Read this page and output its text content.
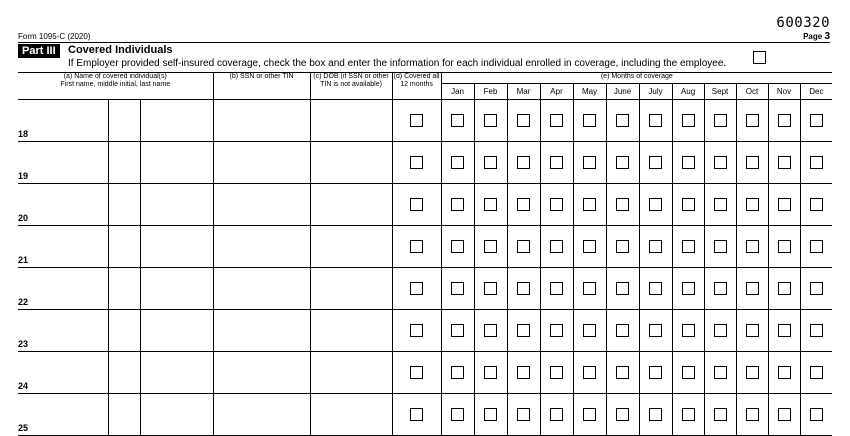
Form 1095-C (2020)
600320
Page 3
Part III	Covered Individuals
If Employer provided self-insured coverage, check the box and enter the information for each individual enrolled in coverage, including the employee.
(a) Name of covered individual(s)
First name, middle initial, last name				(b) SSN or other TIN	(c) DOB (if SSN or other TIN is not available)	(d) Covered all 12 months	(e) Months of coverage											
							Jan	Feb	Mar	Apr	May	June	July	Aug	Sept	Oct	Nov	Dec
18																		
19																		
20																		
21																		
22																		
23																		
24																		
25																		
